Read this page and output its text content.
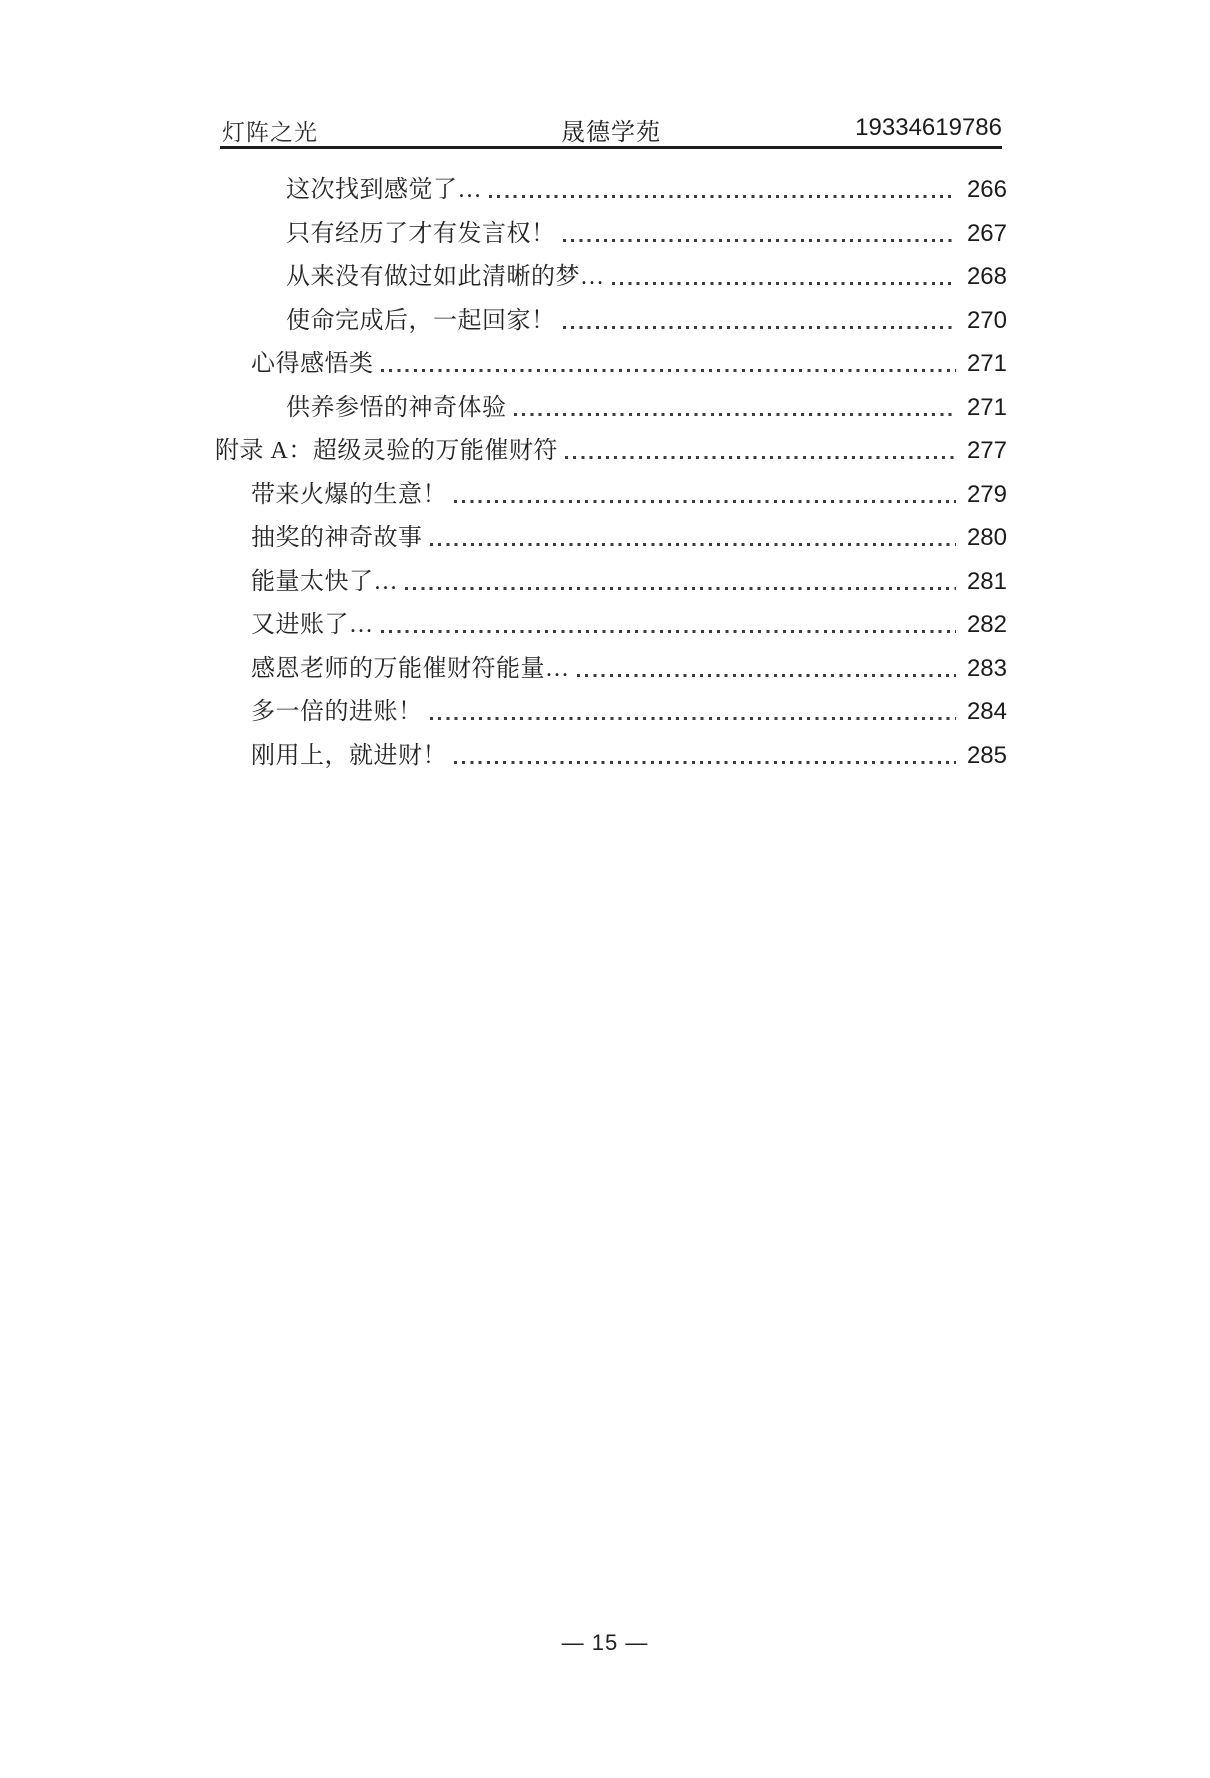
灯阵之光	晟德学苑	19334619786
这次找到感觉了…	266
只有经历了才有发言权！	267
从来没有做过如此清晰的梦…	268
使命完成后，一起回家！	270
心得感悟类	271
供养参悟的神奇体验	271
附录 A：超级灵验的万能催财符	277
带来火爆的生意！	279
抽奖的神奇故事	280
能量太快了…	281
又进账了…	282
感恩老师的万能催财符能量…	283
多一倍的进账！	284
刚用上，就进财！	285
— 15 —
